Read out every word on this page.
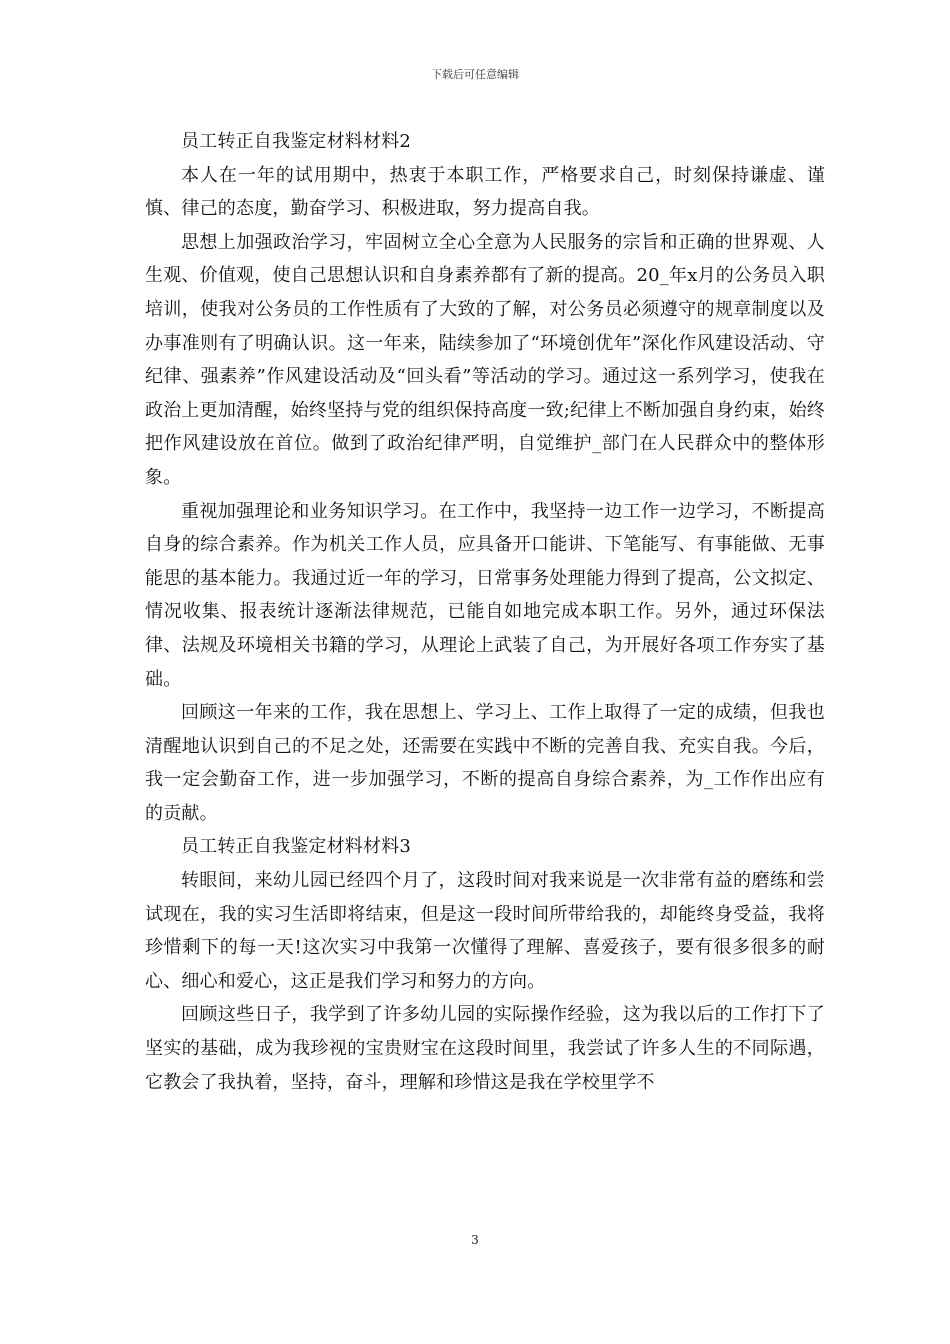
下载后可任意编辑

员工转正自我鉴定材料材料2

本人在一年的试用期中，热衷于本职工作，严格要求自己，时刻保持谦虚、谨慎、律己的态度，勤奋学习、积极进取，努力提高自我。

思想上加强政治学习，牢固树立全心全意为人民服务的宗旨和正确的世界观、人生观、价值观，使自己思想认识和自身素养都有了新的提高。20_年x月的公务员入职培训，使我对公务员的工作性质有了大致的了解，对公务员必须遵守的规章制度以及办事准则有了明确认识。这一年来，陆续参加了“环境创优年”深化作风建设活动、守纪律、强素养”作风建设活动及“回头看”等活动的学习。通过这一系列学习，使我在政治上更加清醒，始终坚持与党的组织保持高度一致;纪律上不断加强自身约束，始终把作风建设放在首位。做到了政治纪律严明，自觉维护_部门在人民群众中的整体形象。

重视加强理论和业务知识学习。在工作中，我坚持一边工作一边学习，不断提高自身的综合素养。作为机关工作人员，应具备开口能讲、下笔能写、有事能做、无事能思的基本能力。我通过近一年的学习，日常事务处理能力得到了提高，公文拟定、情况收集、报表统计逐渐法律规范，已能自如地完成本职工作。另外，通过环保法律、法规及环境相关书籍的学习，从理论上武装了自己，为开展好各项工作夯实了基础。

回顾这一年来的工作，我在思想上、学习上、工作上取得了一定的成绩，但我也清醒地认识到自己的不足之处，还需要在实践中不断的完善自我、充实自我。今后，我一定会勤奋工作，进一步加强学习，不断的提高自身综合素养，为_工作作出应有的贡献。

员工转正自我鉴定材料材料3

转眼间，来幼儿园已经四个月了，这段时间对我来说是一次非常有益的磨练和尝试现在，我的实习生活即将结束，但是这一段时间所带给我的，却能终身受益，我将珍惜剩下的每一天!这次实习中我第一次懂得了理解、喜爱孩子，要有很多很多的耐心、细心和爱心，这正是我们学习和努力的方向。

回顾这些日子，我学到了许多幼儿园的实际操作经验，这为我以后的工作打下了坚实的基础，成为我珍视的宝贵财宝在这段时间里，我尝试了许多人生的不同际遇，它教会了我执着，坚持，奋斗，理解和珍惜这是我在学校里学不

3
